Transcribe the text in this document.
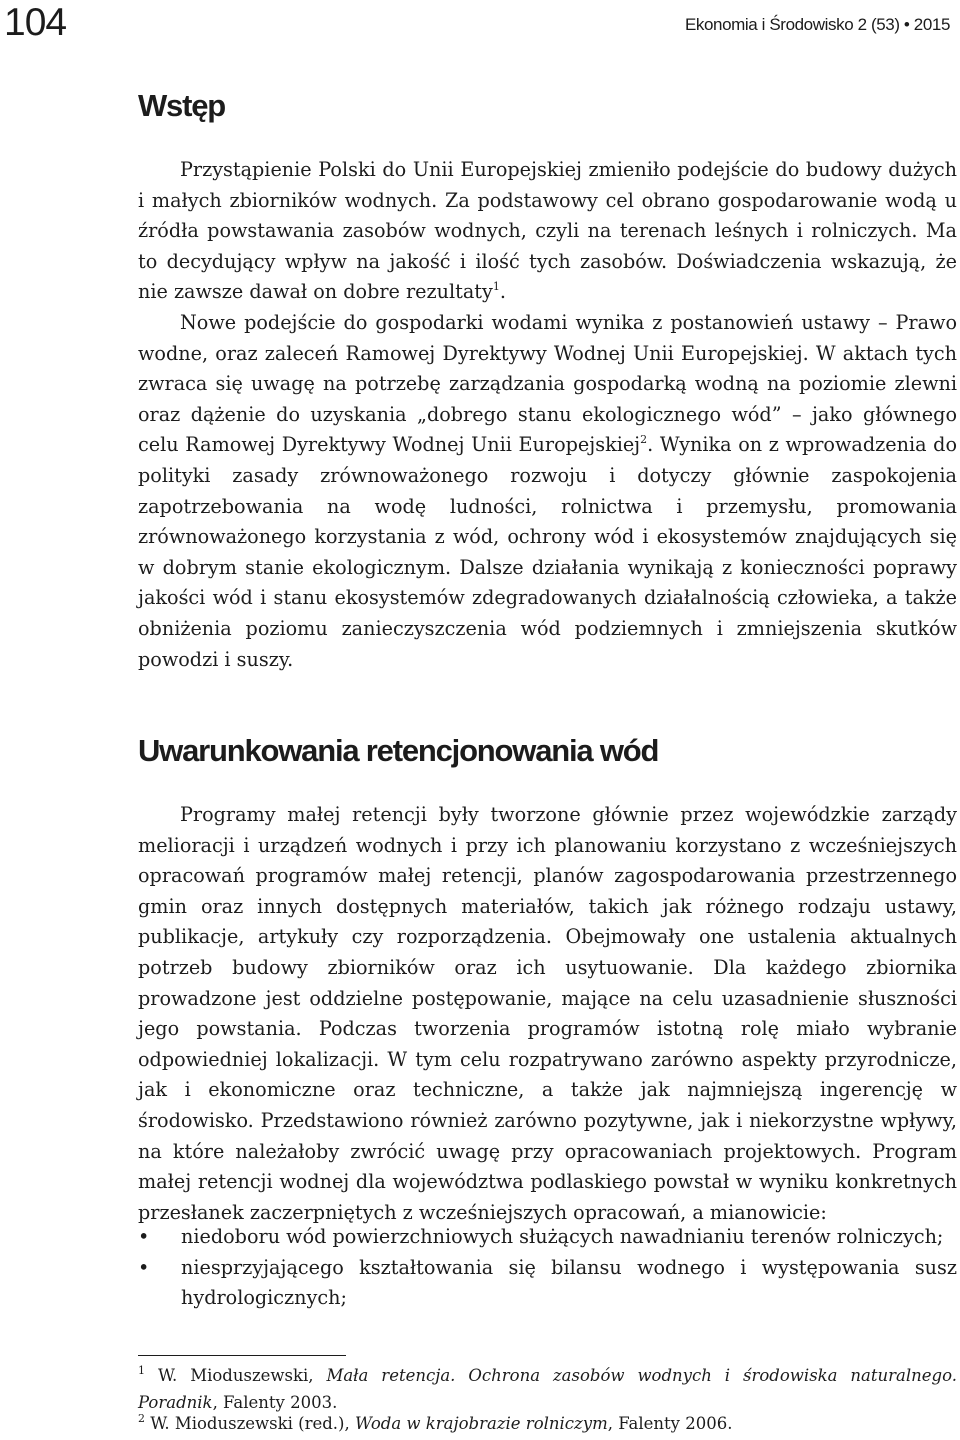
104	Ekonomia i Środowisko 2 (53) • 2015
Wstęp

Przystąpienie Polski do Unii Europejskiej zmieniło podejście do budowy dużych i małych zbiorników wodnych. Za podstawowy cel obrano gospodarowanie wodą u źródła powstawania zasobów wodnych, czyli na terenach leśnych i rolniczych. Ma to decydujący wpływ na jakość i ilość tych zasobów. Doświadczenia wskazują, że nie zawsze dawał on dobre rezultaty$^1$.

Nowe podejście do gospodarki wodami wynika z postanowień ustawy – Prawo wodne, oraz zaleceń Ramowej Dyrektywy Wodnej Unii Europejskiej. W aktach tych zwraca się uwagę na potrzebę zarządzania gospodarką wodną na poziomie zlewni oraz dążenie do uzyskania „dobrego stanu ekologicznego wód” – jako głównego celu Ramowej Dyrektywy Wodnej Unii Europejskiej$^2$. Wynika on z wprowadzenia do polityki zasady zrównoważonego rozwoju i dotyczy głównie zaspokojenia zapotrzebowania na wodę ludności, rolnictwa i przemysłu, promowania zrównoważonego korzystania z wód, ochrony wód i ekosystemów znajdujących się w dobrym stanie ekologicznym. Dalsze działania wynikają z konieczności poprawy jakości wód i stanu ekosystemów zdegradowanych działalnością człowieka, a także obniżenia poziomu zanieczyszczenia wód podziemnych i zmniejszenia skutków powodzi i suszy.

Uwarunkowania retencjonowania wód

Programy małej retencji były tworzone głównie przez wojewódzkie zarządy melioracji i urządzeń wodnych i przy ich planowaniu korzystano z wcześniejszych opracowań programów małej retencji, planów zagospodarowania przestrzennego gmin oraz innych dostępnych materiałów, takich jak różnego rodzaju ustawy, publikacje, artykuły czy rozporządzenia. Obejmowały one ustalenia aktualnych potrzeb budowy zbiorników oraz ich usytuowanie. Dla każdego zbiornika prowadzone jest oddzielne postępowanie, mające na celu uzasadnienie słuszności jego powstania. Podczas tworzenia programów istotną rolę miało wybranie odpowiedniej lokalizacji. W tym celu rozpatrywano zarówno aspekty przyrodnicze, jak i ekonomiczne oraz techniczne, a także jak najmniejszą ingerencję w środowisko. Przedstawiono również zarówno pozytywne, jak i niekorzystne wpływy, na które należałoby zwrócić uwagę przy opracowaniach projektowych. Program małej retencji wodnej dla województwa podlaskiego powstał w wyniku konkretnych przesłanek zaczerpniętych z wcześniejszych opracowań, a mianowicie:

• niedoboru wód powierzchniowych służących nawadnianiu terenów rolniczych;
• niesprzyjającego kształtowania się bilansu wodnego i występowania susz hydrologicznych;

$^1$ W. Mioduszewski, Mała retencja. Ochrona zasobów wodnych i środowiska naturalnego. Poradnik, Falenty 2003.

$^2$ W. Mioduszewski (red.), Woda w krajobrazie rolniczym, Falenty 2006.
